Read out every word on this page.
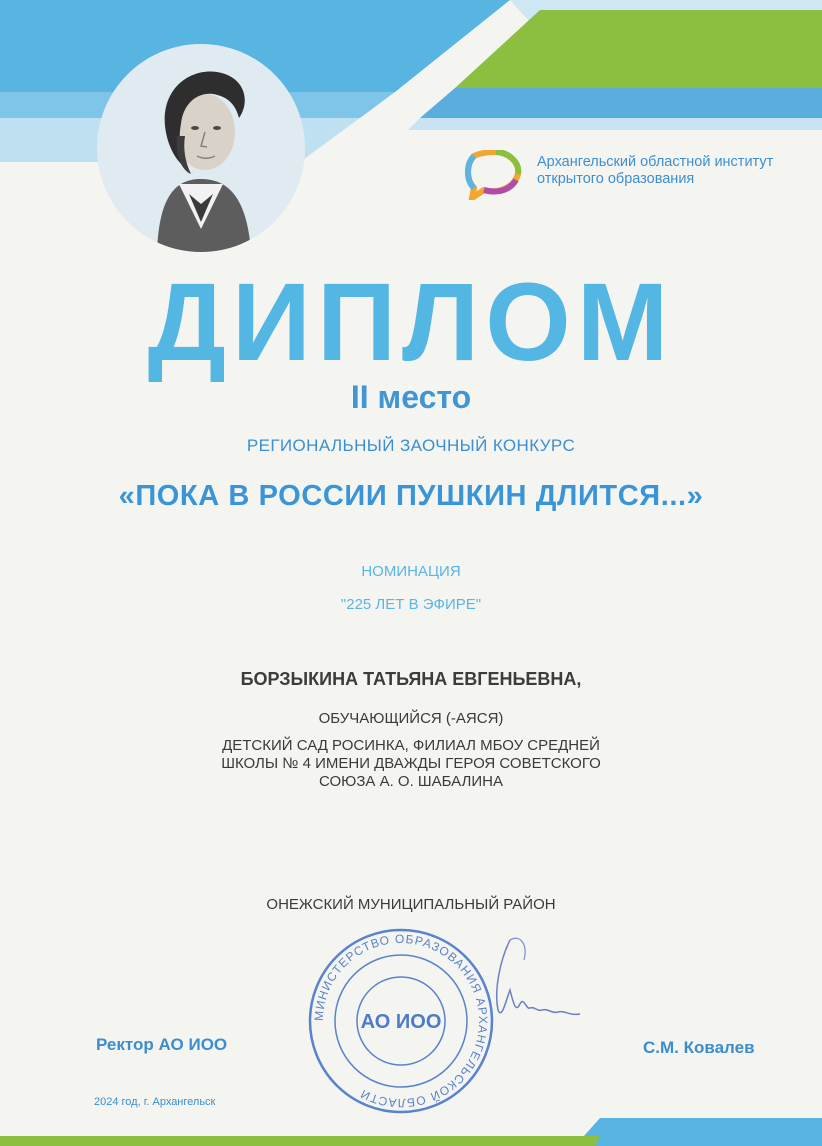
Архангельский областной институт
открытого образования
ДИПЛОМ
II место
РЕГИОНАЛЬНЫЙ ЗАОЧНЫЙ КОНКУРС
«ПОКА В РОССИИ ПУШКИН ДЛИТСЯ...»
НОМИНАЦИЯ
"225 ЛЕТ В ЭФИРЕ"
БОРЗЫКИНА ТАТЬЯНА ЕВГЕНЬЕВНА,
ОБУЧАЮЩИЙСЯ (-АЯСЯ)
ДЕТСКИЙ САД РОСИНКА, ФИЛИАЛ МБОУ СРЕДНЕЙ
ШКОЛЫ № 4 ИМЕНИ ДВАЖДЫ ГЕРОЯ СОВЕТСКОГО
СОЮЗА А. О. ШАБАЛИНА
ОНЕЖСКИЙ МУНИЦИПАЛЬНЫЙ РАЙОН
Ректор АО ИОО	С.М. Ковалев
2024 год, г. Архангельск
МИНИСТЕРСТВО ОБРАЗОВАНИЯ АРХАНГЕЛЬСКОЙ ОБЛАСТИ
АО ИОО
